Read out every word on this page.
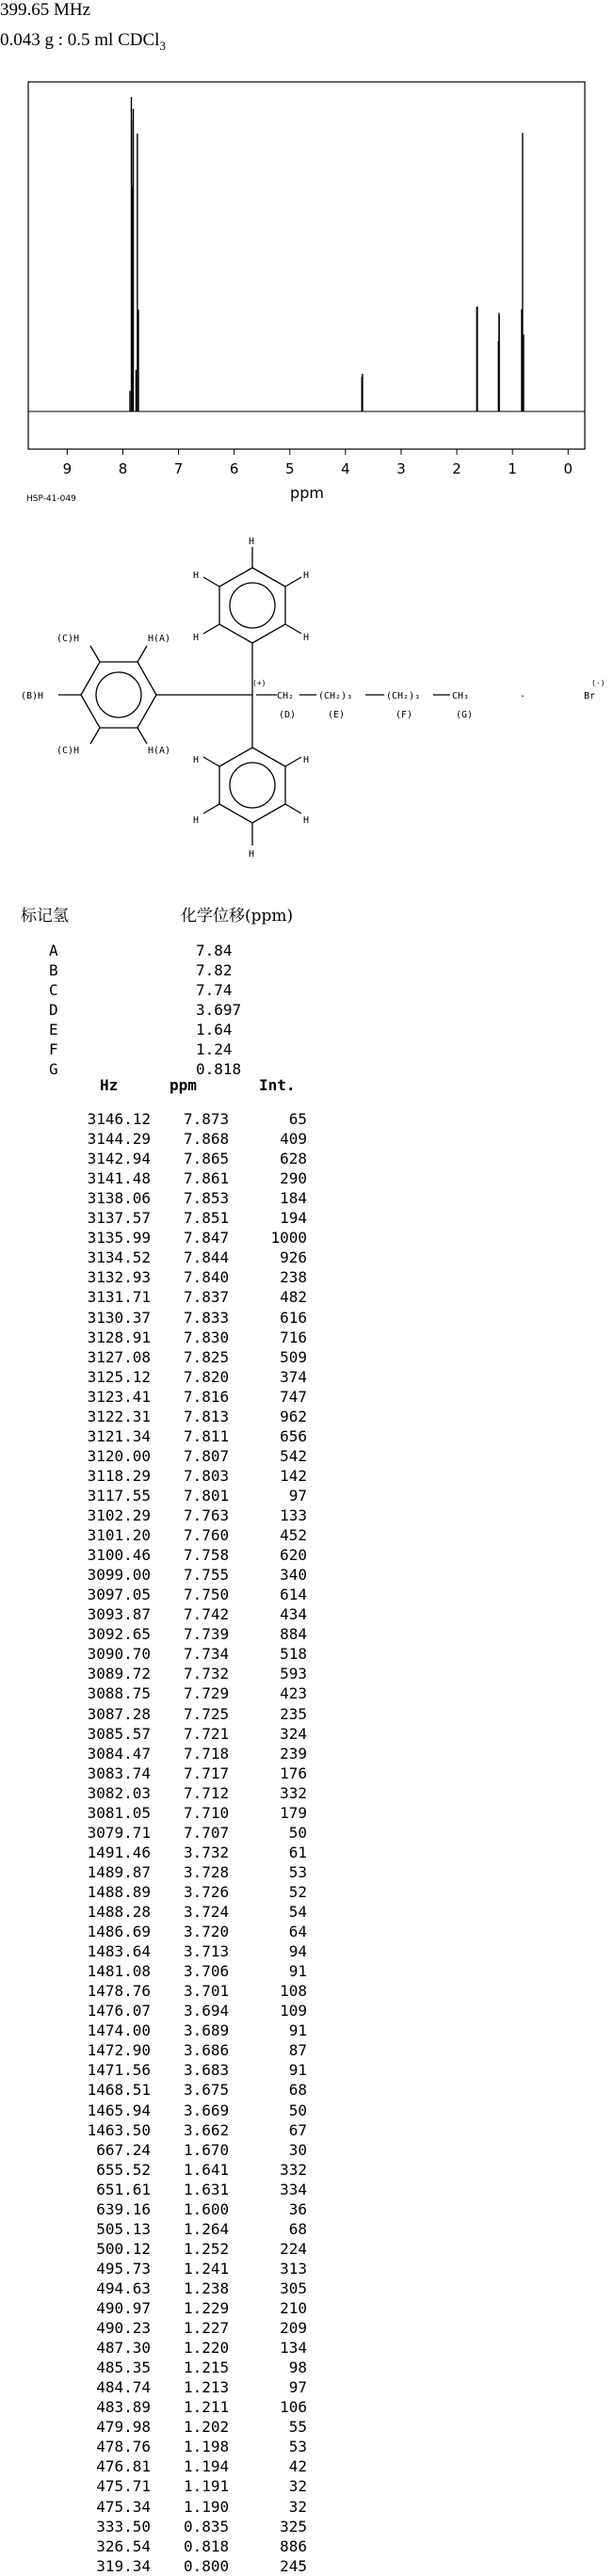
399.65 MHz
0.043 g : 0.5 ml CDCl$_3$
9	8	7	6	5	4	3	2	1	0
ppm
HSP-41-049
H
H
H
H
H
(C)H	H(A)
(B)H
(C)H	H(A)
H	H
H	H
H
(+)
CH₂	(CH₂)₃	(CH₂)₃	CH₃
(D)	(E)	(F)	(G)
.	Br
(-)
标记氢	化学位移(ppm)
A	7.84
B	7.82
C	7.74
D	3.697
E	1.64
F	1.24
G	0.818
Hz	ppm	Int.
3146.12 7.873	65
3144.29 7.868	409
3142.94 7.865	628
3141.48 7.861	290
3138.06 7.853	184
3137.57 7.851	194
3135.99 7.847	1000
3134.52 7.844	926
3132.93 7.840	238
3131.71 7.837	482
3130.37 7.833	616
3128.91 7.830	716
3127.08 7.825	509
3125.12 7.820	374
3123.41 7.816	747
3122.31 7.813	962
3121.34 7.811	656
3120.00 7.807	542
3118.29 7.803	142
3117.55 7.801	97
3102.29 7.763	133
3101.20 7.760	452
3100.46 7.758	620
3099.00 7.755	340
3097.05 7.750	614
3093.87 7.742	434
3092.65 7.739	884
3090.70 7.734	518
3089.72 7.732	593
3088.75 7.729	423
3087.28 7.725	235
3085.57 7.721	324
3084.47 7.718	239
3083.74 7.717	176
3082.03 7.712	332
3081.05 7.710	179
3079.71 7.707	50
1491.46 3.732	61
1489.87 3.728	53
1488.89 3.726	52
1488.28 3.724	54
1486.69 3.720	64
1483.64 3.713	94
1481.08 3.706	91
1478.76 3.701	108
1476.07 3.694	109
1474.00 3.689	91
1472.90 3.686	87
1471.56 3.683	91
1468.51 3.675	68
1465.94 3.669	50
1463.50 3.662	67
667.24 1.670	30
655.52 1.641	332
651.61 1.631	334
639.16 1.600	36
505.13 1.264	68
500.12 1.252	224
495.73 1.241	313
494.63 1.238	305
490.97 1.229	210
490.23 1.227	209
487.30 1.220	134
485.35 1.215	98
484.74 1.213	97
483.89 1.211	106
479.98 1.202	55
478.76 1.198	53
476.81 1.194	42
475.71 1.191	32
475.34 1.190	32
333.50 0.835	325
326.54 0.818	886
319.34 0.800	245
